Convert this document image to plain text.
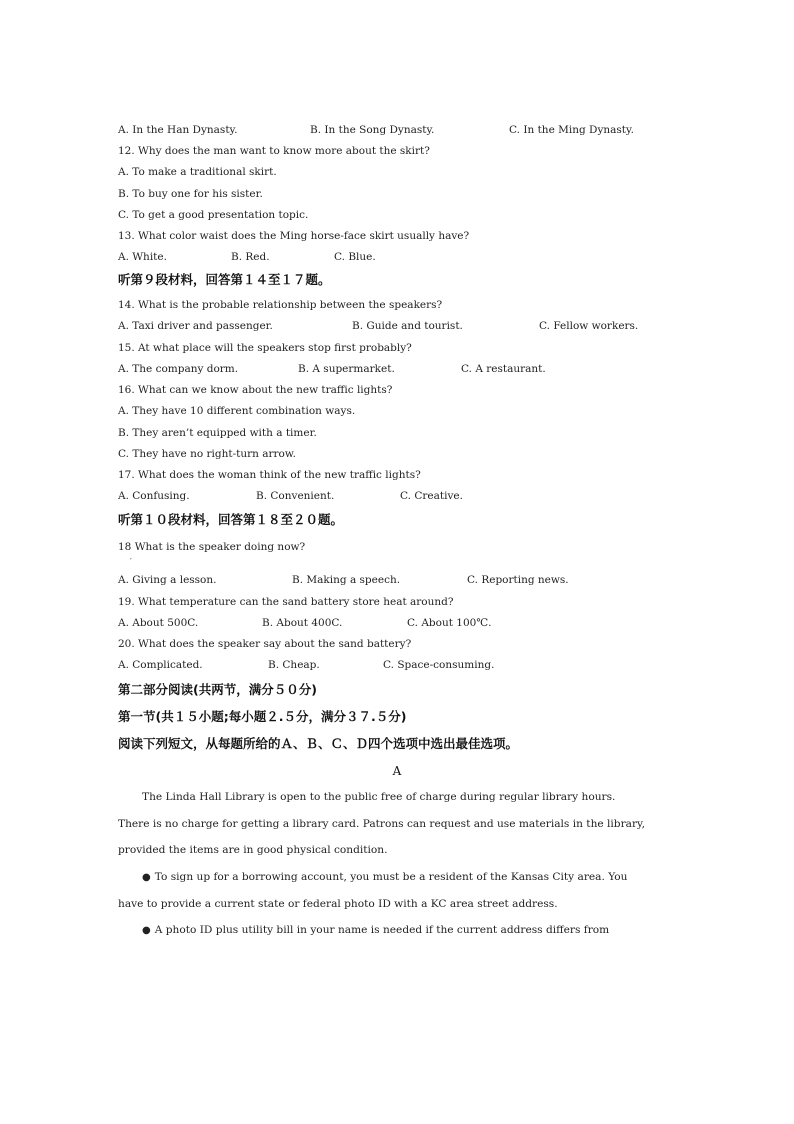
A. In the Han Dynasty.	B. In the Song Dynasty.	C. In the Ming Dynasty.
12. Why does the man want to know more about the skirt?
A. To make a traditional skirt.
B. To buy one for his sister.
C. To get a good presentation topic.
13. What color waist does the Ming horse-face skirt usually have?
A. White.	B. Red.	C. Blue.
听第９段材料，回答第１４至１７题。
14. What is the probable relationship between the speakers?
A. Taxi driver and passenger.	B. Guide and tourist.	C. Fellow workers.
15. At what place will the speakers stop first probably?
A. The company dorm.	B. A supermarket.	C. A restaurant.
16. What can we know about the new traffic lights?
A. They have 10 different combination ways.
B. They aren’t equipped with a timer.
C. They have no right-turn arrow.
17. What does the woman think of the new traffic lights?
A. Confusing.	B. Convenient.	C. Creative.
听第１０段材料，回答第１８至２０题。
18 What is the speaker doing now?
′
A. Giving a lesson.	B. Making a speech.	C. Reporting news.
19. What temperature can the sand battery store heat around?
A. About 500C.	B. About 400C.	C. About 100℃.
20. What does the speaker say about the sand battery?
A. Complicated.	B. Cheap.	C. Space-consuming.
第二部分阅读(共两节，满分５０分)
第一节(共１５小题;每小题２.５分，满分３７.５分)
阅读下列短文，从每题所给的Ａ、Ｂ、Ｃ、Ｄ四个选项中选出最佳选项。
A
The Linda Hall Library is open to the public free of charge during regular library hours.
There is no charge for getting a library card. Patrons can request and use materials in the library,
provided the items are in good physical condition.
● To sign up for a borrowing account, you must be a resident of the Kansas City area. You
have to provide a current state or federal photo ID with a KC area street address.
● A photo ID plus utility bill in your name is needed if the current address differs from
